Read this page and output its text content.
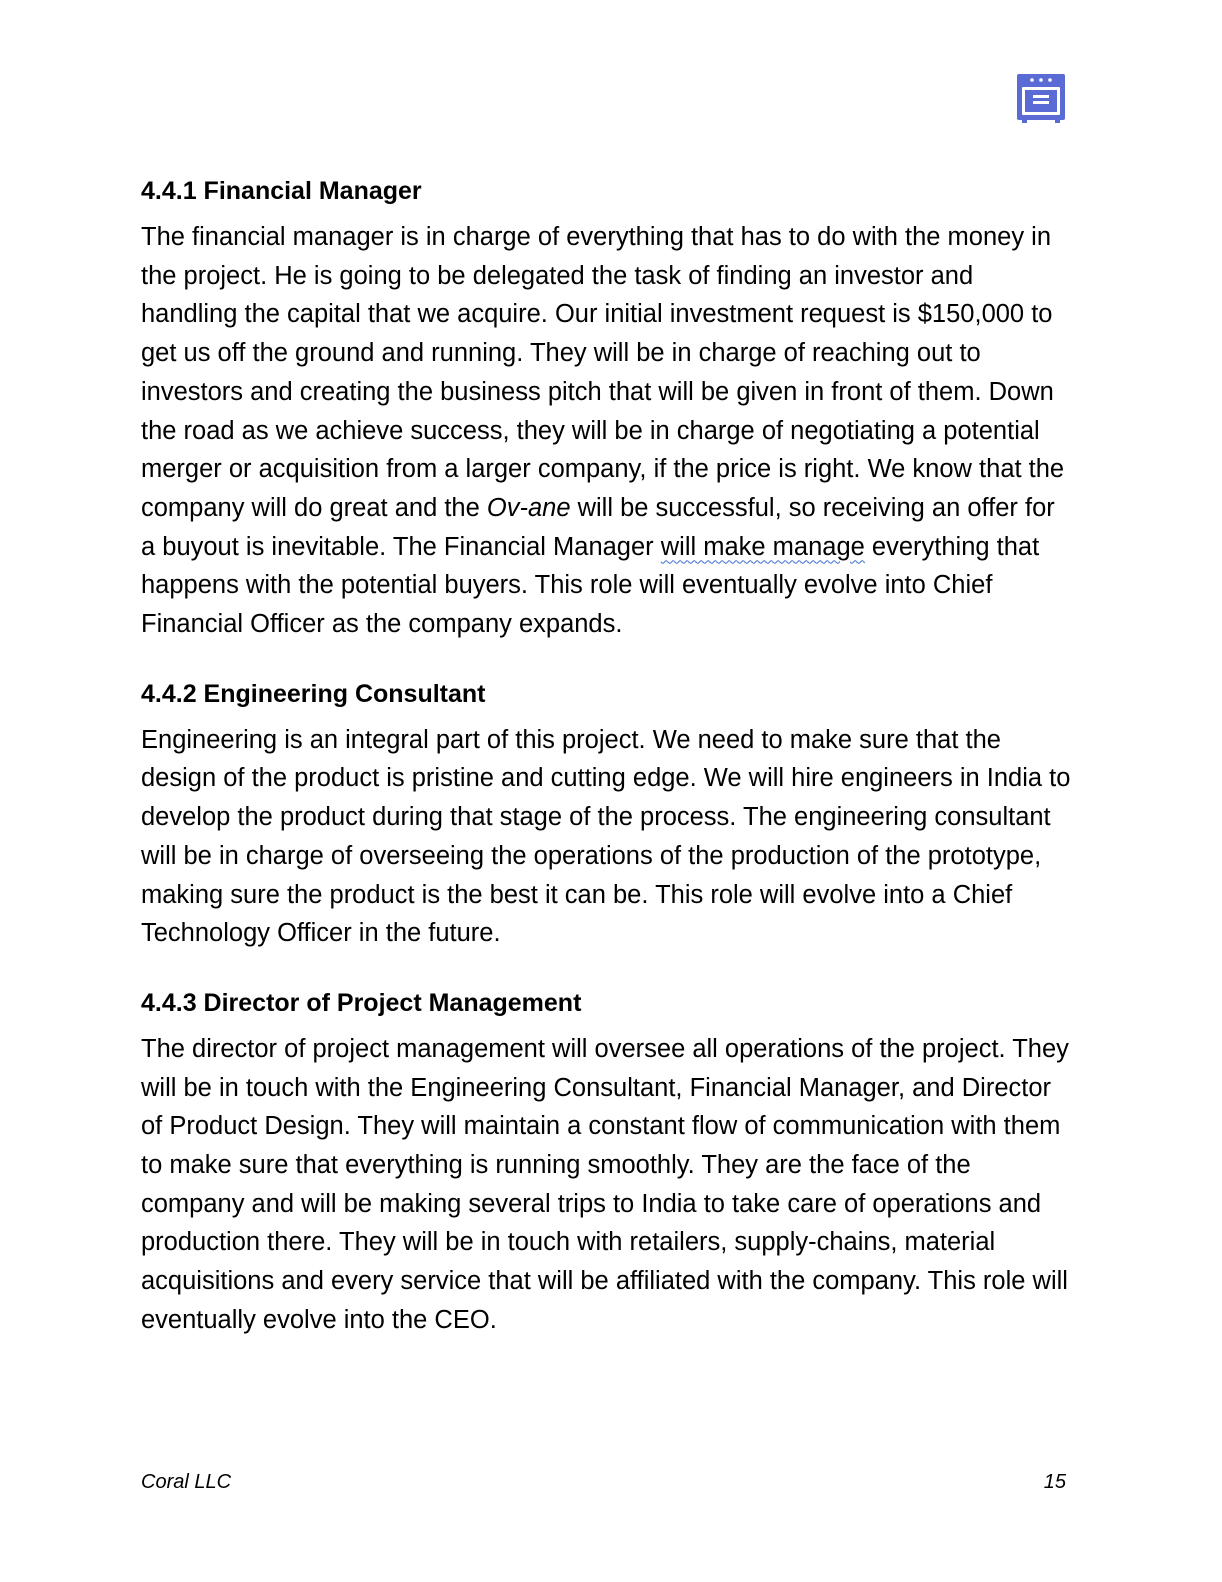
4.4.1 Financial Manager

The financial manager is in charge of everything that has to do with the money in the project. He is going to be delegated the task of finding an investor and handling the capital that we acquire. Our initial investment request is $150,000 to get us off the ground and running. They will be in charge of reaching out to investors and creating the business pitch that will be given in front of them. Down the road as we achieve success, they will be in charge of negotiating a potential merger or acquisition from a larger company, if the price is right. We know that the company will do great and the Ov-ane will be successful, so receiving an offer for a buyout is inevitable. The Financial Manager will make manage everything that happens with the potential buyers. This role will eventually evolve into Chief Financial Officer as the company expands.

4.4.2 Engineering Consultant

Engineering is an integral part of this project. We need to make sure that the design of the product is pristine and cutting edge. We will hire engineers in India to develop the product during that stage of the process. The engineering consultant will be in charge of overseeing the operations of the production of the prototype, making sure the product is the best it can be. This role will evolve into a Chief Technology Officer in the future.

4.4.3 Director of Project Management

The director of project management will oversee all operations of the project. They will be in touch with the Engineering Consultant, Financial Manager, and Director of Product Design. They will maintain a constant flow of communication with them to make sure that everything is running smoothly. They are the face of the company and will be making several trips to India to take care of operations and production there. They will be in touch with retailers, supply-chains, material acquisitions and every service that will be affiliated with the company. This role will eventually evolve into the CEO.

Coral LLC	15
